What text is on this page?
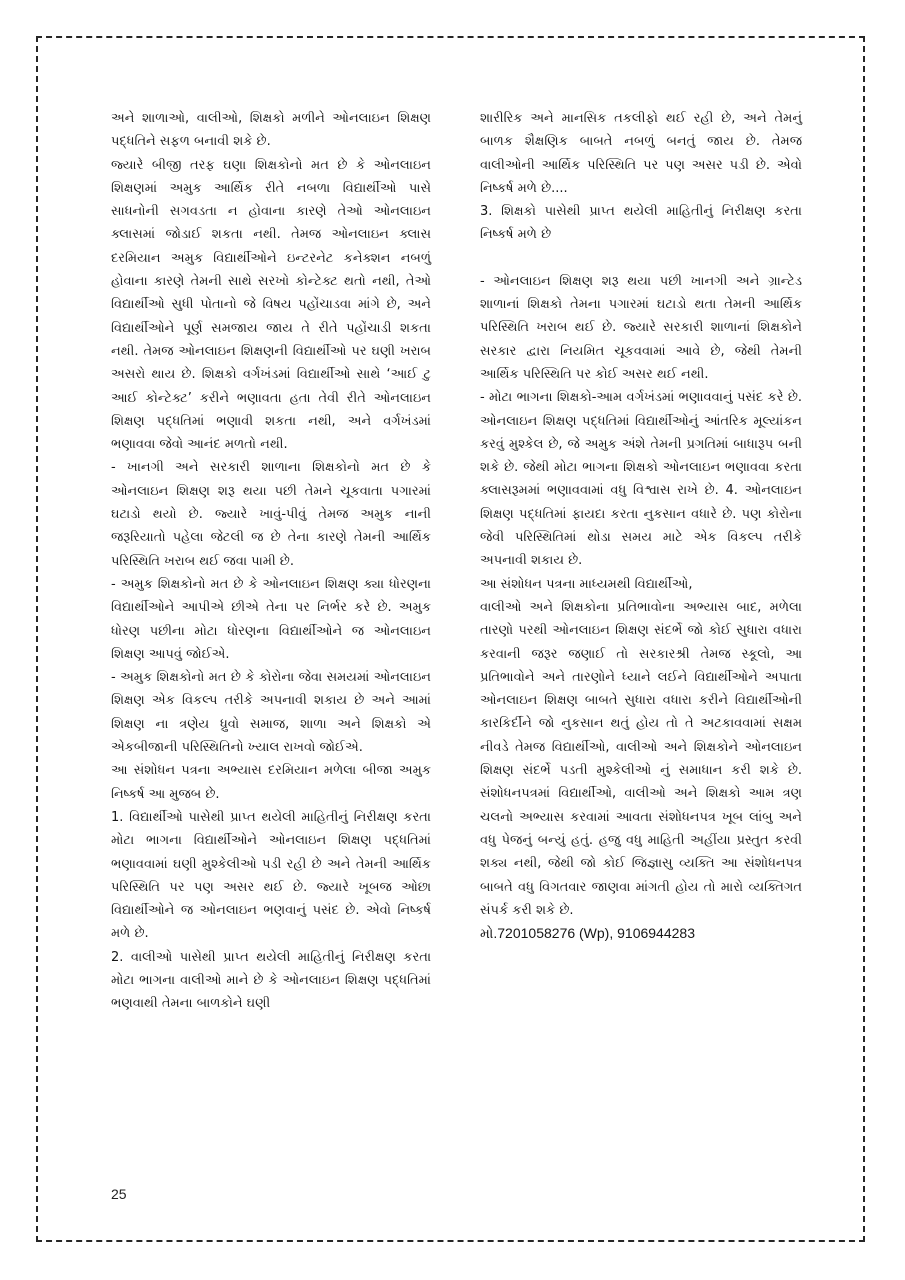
અને શાળાઓ, વાલીઓ, શિક્ષકો મળીને ઓનલાઇન શિક્ષણ પદ્ધતિને સફળ બનાવી શકે છે.

જ્યારે બીજી તરફ ઘણા શિક્ષકોનો મત છે કે ઓનલાઇન શિક્ષણમાં અમુક આર્થિક રીતે નબળા વિદ્યાર્થીઓ પાસે સાધનોની સગવડતા ન હોવાના કારણે તેઓ ઓનલાઇન ક્લાસમાં જોડાઈ શકતા નથી. તેમજ ઓનલાઇન ક્લાસ દરમિયાન અમુક વિદ્યાર્થીઓને ઇન્ટરનેટ કનેક્શન નબળું હોવાના કારણે તેમની સાથે સરખો કોન્ટેક્ટ થતો નથી, તેઓ વિદ્યાર્થીઓ સુધી પોતાનો જે વિષય પહોંચાડવા માંગે છે, અને વિદ્યાર્થીઓને પૂર્ણ સમજાય જાય તે રીતે પહોંચાડી શકતા નથી. તેમજ ઓનલાઇન શિક્ષણની વિદ્યાર્થીઓ પર ઘણી ખરાબ અસરો થાય છે. શિક્ષકો વર્ગખંડમાં વિદ્યાર્થીઓ સાથે ‘આઈ ટુ આઈ કોન્ટેક્ટ’ કરીને ભણાવતા હતા તેવી રીતે ઓનલાઇન શિક્ષણ પદ્ધતિમાં ભણાવી શકતા નથી, અને વર્ગખંડમાં ભણાવવા જેવો આનંદ મળતો નથી.

- ખાનગી અને સરકારી શાળાના શિક્ષકોનો મત છે કે ઓનલાઇન શિક્ષણ શરૂ થયા પછી તેમને ચૂકવાતા પગારમાં ઘટાડો થયો છે. જ્યારે ખાવું-પીવું તેમજ અમુક નાની જરૂરિયાતો પહેલા જેટલી જ છે તેના કારણે તેમની આર્થિક પરિસ્થિતિ ખરાબ થઈ જવા પામી છે.

- અમુક શિક્ષકોનો મત છે કે ઓનલાઇન શિક્ષણ ક્યા ધોરણના વિદ્યાર્થીઓને આપીએ છીએ તેના પર નિર્ભર કરે છે. અમુક ધોરણ પછીના મોટા ધોરણના વિદ્યાર્થીઓને જ ઓનલાઇન શિક્ષણ આપવું જોઈએ.

- અમુક શિક્ષકોનો મત છે કે કોરોના જેવા સમયમાં ઓનલાઇન શિક્ષણ એક વિકલ્પ તરીકે અપનાવી શકાય છે અને આમાં શિક્ષણ ના ત્રણેય ધ્રુવો સમાજ, શાળા અને શિક્ષકો એ એકબીજાની પરિસ્થિતિનો ખ્યાલ રાખવો જોઈએ.

આ સંશોધન પત્રના અભ્યાસ દરમિયાન મળેલા બીજા અમુક નિષ્કર્ષ આ મુજબ છે.

1. વિદ્યાર્થીઓ પાસેથી પ્રાપ્ત થયેલી માહિતીનું નિરીક્ષણ કરતા મોટા ભાગના વિદ્યાર્થીઓને ઓનલાઇન શિક્ષણ પદ્ધતિમાં ભણાવવામાં ઘણી મુશ્કેલીઓ પડી રહી છે અને તેમની આર્થિક પરિસ્થિતિ પર પણ અસર થઈ છે. જ્યારે ખૂબજ ઓછા વિદ્યાર્થીઓને જ ઓનલાઇન ભણવાનું પસંદ છે. એવો નિષ્કર્ષ મળે છે.

2. વાલીઓ પાસેથી પ્રાપ્ત થયેલી માહિતીનું નિરીક્ષણ કરતા મોટા ભાગના વાલીઓ માને છે કે ઓનલાઇન શિક્ષણ પદ્ધતિમાં ભણવાથી તેમના બાળકોને ઘણી

શારીરિક અને માનસિક તકલીફો થઈ રહી છે, અને તેમનું બાળક શૈક્ષણિક બાબતે નબળું બનતું જાય છે. તેમજ વાલીઓની આર્થિક પરિસ્થિતિ પર પણ અસર પડી છે. એવો નિષ્કર્ષ મળે છે....

3. શિક્ષકો પાસેથી પ્રાપ્ત થયેલી માહિતીનું નિરીક્ષણ કરતા નિષ્કર્ષ મળે છે

- ઓનલાઇન શિક્ષણ શરૂ થયા પછી ખાનગી અને ગ્રાન્ટેડ શાળાનાં શિક્ષકો તેમના પગારમાં ઘટાડો થતા તેમની આર્થિક પરિસ્થિતિ ખરાબ થઈ છે. જ્યારે સરકારી શાળાનાં શિક્ષકોને સરકાર દ્વારા નિયમિત ચૂકવવામાં આવે છે, જેથી તેમની આર્થિક પરિસ્થિતિ પર કોઈ અસર થઈ નથી.

- મોટા ભાગના શિક્ષકો-આમ વર્ગખંડમાં ભણાવવાનું પસંદ કરે છે. ઓનલાઇન શિક્ષણ પદ્ધતિમાં વિદ્યાર્થીઓનું આંતરિક મૂલ્યાંકન કરવું મુશ્કેલ છે, જે અમુક અંશે તેમની પ્રગતિમાં બાધારૂપ બની શકે છે. જેથી મોટા ભાગના શિક્ષકો ઓનલાઇન ભણાવવા કરતા ક્લાસરૂમમાં ભણાવવામાં વધુ વિશ્વાસ રાખે છે. 4. ઓનલાઇન શિક્ષણ પદ્ધતિમાં ફાયદા કરતા નુકસાન વધારે છે. પણ કોરોના જેવી પરિસ્થિતિમાં થોડા સમય માટે એક વિકલ્પ તરીકે અપનાવી શકાય છે.

આ સંશોધન પત્રના માધ્યમથી વિદ્યાર્થીઓ,

વાલીઓ અને શિક્ષકોના પ્રતિભાવોના અભ્યાસ બાદ, મળેલા તારણો પરથી ઓનલાઇન શિક્ષણ સંદર્ભે જો કોઈ સુધારા વધારા કરવાની જરૂર જણાઈ તો સરકારશ્રી તેમજ સ્કૂલો, આ પ્રતિભાવોને અને તારણોને ધ્યાને લઈને વિદ્યાર્થીઓને અપાતા ઓનલાઇન શિક્ષણ બાબતે સુધારા વધારા કરીને વિદ્યાર્થીઓની કારકિર્દીને જો નુકસાન થતું હોય તો તે અટકાવવામાં સક્ષમ નીવડે તેમજ વિદ્યાર્થીઓ, વાલીઓ અને શિક્ષકોને ઓનલાઇન શિક્ષણ સંદર્ભે પડતી મુશ્કેલીઓ નું સમાધાન કરી શકે છે. સંશોધનપત્રમાં વિદ્યાર્થીઓ, વાલીઓ અને શિક્ષકો આમ ત્રણ ચલનો અભ્યાસ કરવામાં આવતા સંશોધનપત્ર ખૂબ લાંબુ અને વધુ પેજનું બન્યું હતું. હજુ વધુ માહિતી અહીંયા પ્રસ્તુત કરવી શક્ય નથી, જેથી જો કોઈ જિજ્ઞાસુ વ્યક્તિ આ સંશોધનપત્ર બાબતે વધુ વિગતવાર જાણવા માંગતી હોય તો મારો વ્યક્તિગત સંપર્ક કરી શકે છે.

મો.7201058276 (Wp), 9106944283

25
